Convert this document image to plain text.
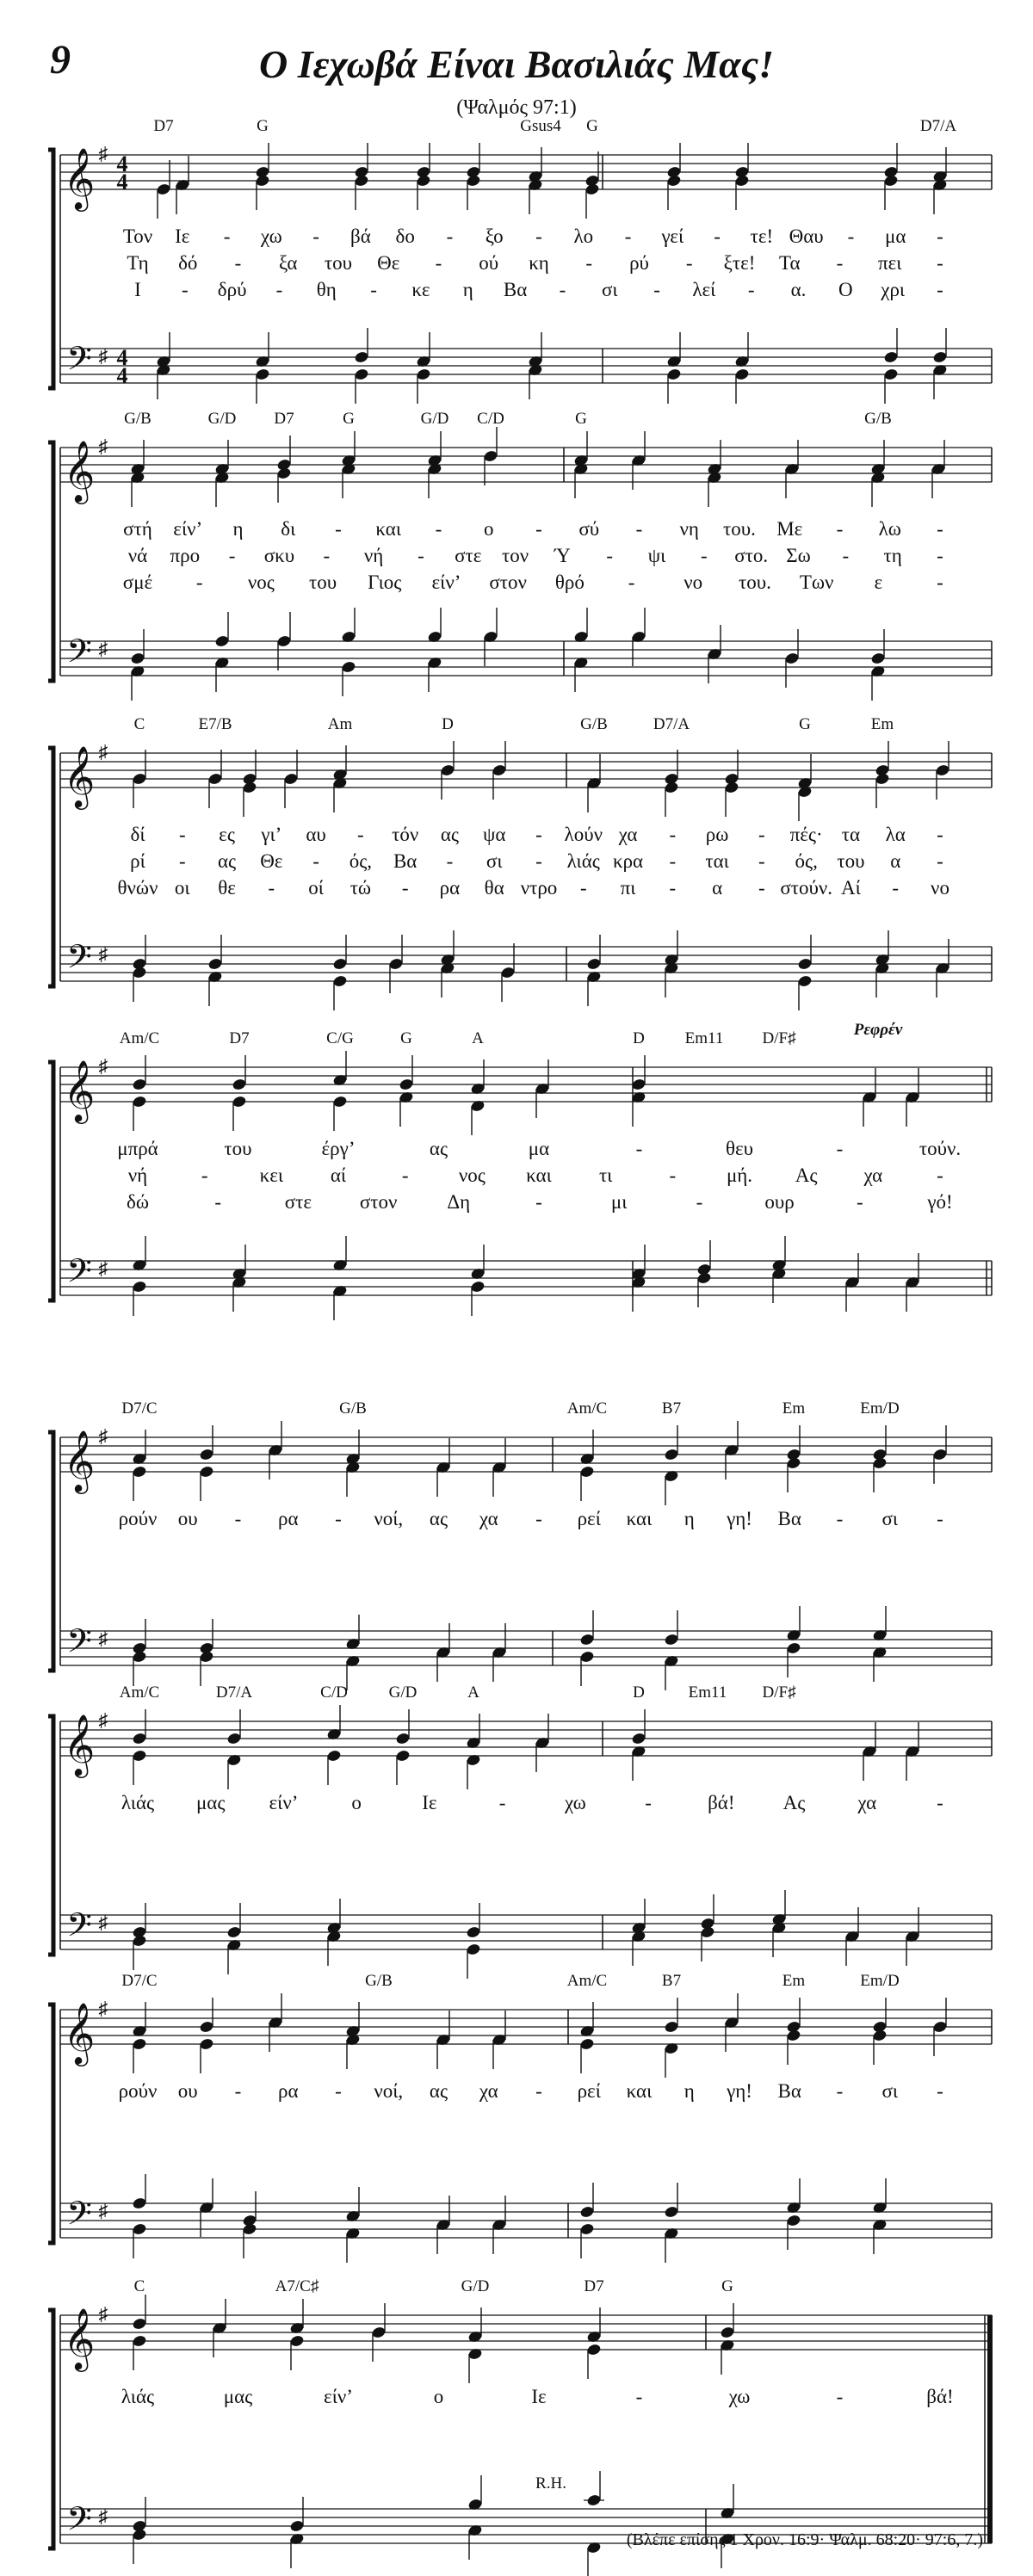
9	Ο Ιεχωβά Είναι Βασιλιάς Μας!
(Ψαλμός 97:1)
𝄞
𝄢
♯
♯
4
4
4
4
D7	G	Gsus4 G	D7/A
Τον Ιε - χω - βά δο - ξο - λο - γεί - τε! Θαυ - μα -
Τη δό - ξα του Θε - ού κη - ρύ - ξτε! Τα - πει -
Ι - δρύ - θη - κε η Βα - σι - λεί - α. Ο χρι -
𝄞
𝄢
♯
♯
G/B	G/D D7	G	G/D C/D	G	G/B
στή είν’ η δι - και - ο - σύ - νη του. Με - λω -
νά προ - σκυ - νή - στε τον Ύ - ψι - στο. Σω - τη -
σμέ - νος του Γιος είν’ στον θρό - νο του. Των ε	-
𝄞
𝄢
♯
♯
C	E7/B	Am	D	G/B	D7/A	G	Em
δί - ες γι’ αυ - τόν ας ψα - λούν χα - ρω - πές· τα λα -
ρί - ας Θε - ός, Βα - σι - λιάς κρα - ται - ός, του α -
θνών οι θε - οί τώ - ρα θα ντρο - πι - α - στούν. Αί - νο
𝄞
𝄢
♯
♯
Am/C	D7	C/G	G	A	D Em11 D/F♯	Ρεφρέν
μπρά	του	έργ’	ας	μα	-	θευ	-	τούν.
νή	-	κει αί	-	νος και τι	-	μή. Ας χα	-
δώ	-	στε στον	Δη	-	μι	-	ουρ	-	γό!
𝄞
𝄢
♯
♯
D7/C	G/B	Am/C	B7	Em	Em/D
ρούν ου - ρα - νοί, ας χα - ρεί και η γη! Βα - σι -
𝄞
𝄢
♯
♯
Am/C	D7/A	C/D	G/D	A	D	Em11 D/F♯
λιάς μας είν’	ο	Ιε	-	χω	-	βά! Ας	χα	-
𝄞
𝄢
♯
♯
D7/C	G/B	Am/C	B7	Em	Em/D
ρούν ου - ρα - νοί, ας χα - ρεί και η γη! Βα - σι -
𝄞
𝄢
♯
♯
C	A7/C♯	G/D	D7	G
R.H.
λιάς	μας	είν’	ο	Ιε	-	χω	-	βά!
(Βλέπε επίσης 1 Χρον. 16:9· Ψαλμ. 68:20· 97:6, 7.)
